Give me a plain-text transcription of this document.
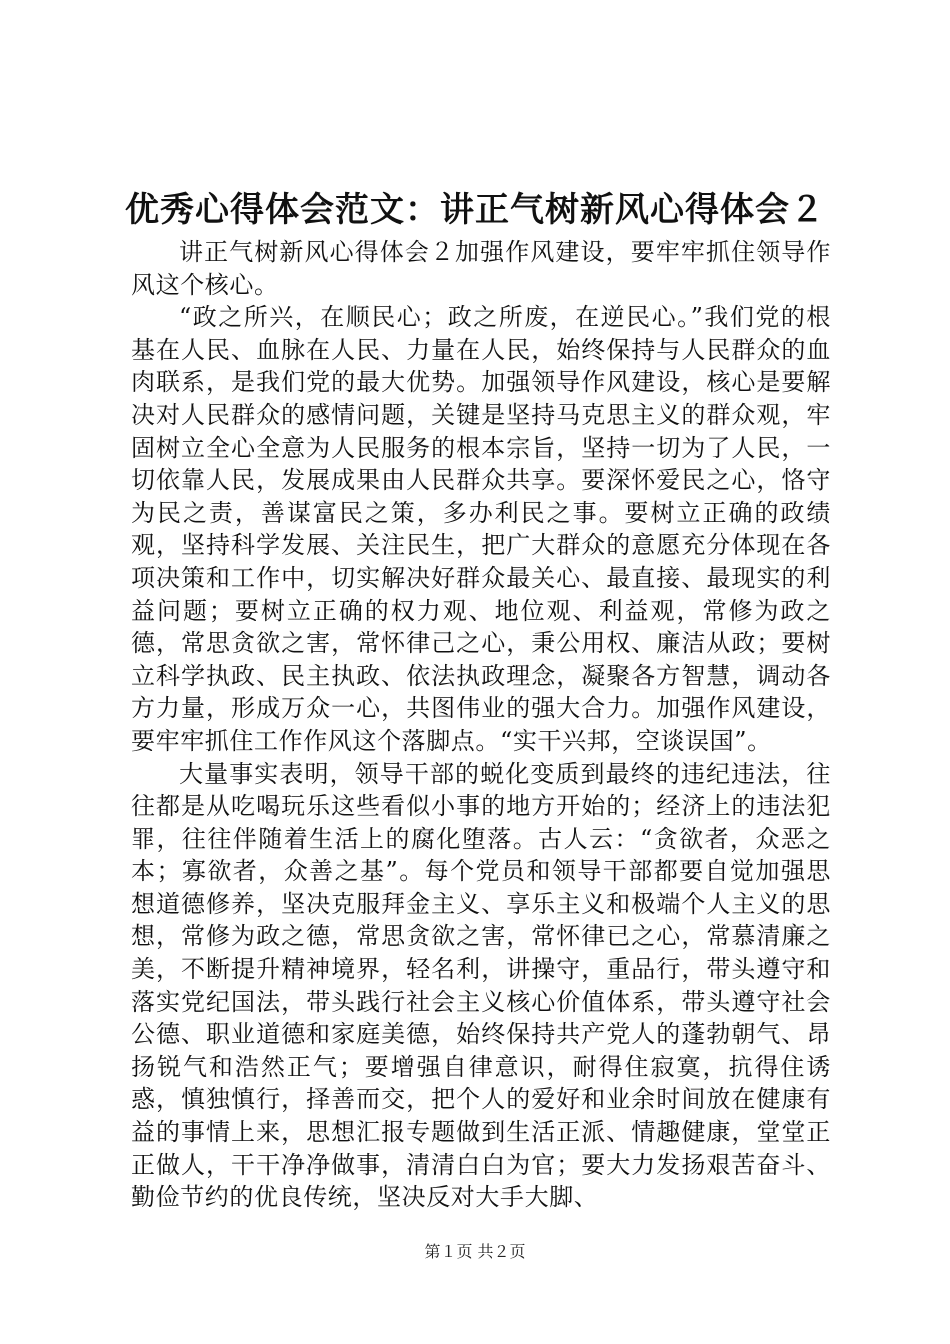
优秀心得体会范文：讲正气树新风心得体会２

讲正气树新风心得体会２加强作风建设，要牢牢抓住领导作风这个核心。

“政之所兴，在顺民心；政之所废，在逆民心。”我们党的根基在人民、血脉在人民、力量在人民，始终保持与人民群众的血肉联系，是我们党的最大优势。加强领导作风建设，核心是要解决对人民群众的感情问题，关键是坚持马克思主义的群众观，牢固树立全心全意为人民服务的根本宗旨，坚持一切为了人民，一切依靠人民，发展成果由人民群众共享。要深怀爱民之心，恪守为民之责，善谋富民之策，多办利民之事。要树立正确的政绩观，坚持科学发展、关注民生，把广大群众的意愿充分体现在各项决策和工作中，切实解决好群众最关心、最直接、最现实的利益问题；要树立正确的权力观、地位观、利益观，常修为政之德，常思贪欲之害，常怀律己之心，秉公用权、廉洁从政；要树立科学执政、民主执政、依法执政理念，凝聚各方智慧，调动各方力量，形成万众一心，共图伟业的强大合力。加强作风建设，要牢牢抓住工作作风这个落脚点。“实干兴邦，空谈误国”。

大量事实表明，领导干部的蜕化变质到最终的违纪违法，往往都是从吃喝玩乐这些看似小事的地方开始的；经济上的违法犯罪，往往伴随着生活上的腐化堕落。古人云：“贪欲者，众恶之本；寡欲者，众善之基”。每个党员和领导干部都要自觉加强思想道德修养，坚决克服拜金主义、享乐主义和极端个人主义的思想，常修为政之德，常思贪欲之害，常怀律已之心，常慕清廉之美，不断提升精神境界，轻名利，讲操守，重品行，带头遵守和落实党纪国法，带头践行社会主义核心价值体系，带头遵守社会公德、职业道德和家庭美德，始终保持共产党人的蓬勃朝气、昂扬锐气和浩然正气；要增强自律意识，耐得住寂寞，抗得住诱惑，慎独慎行，择善而交，把个人的爱好和业余时间放在健康有益的事情上来，思想汇报专题做到生活正派、情趣健康，堂堂正正做人，干干净净做事，清清白白为官；要大力发扬艰苦奋斗、勤俭节约的优良传统，坚决反对大手大脚、

第１页 共２页
